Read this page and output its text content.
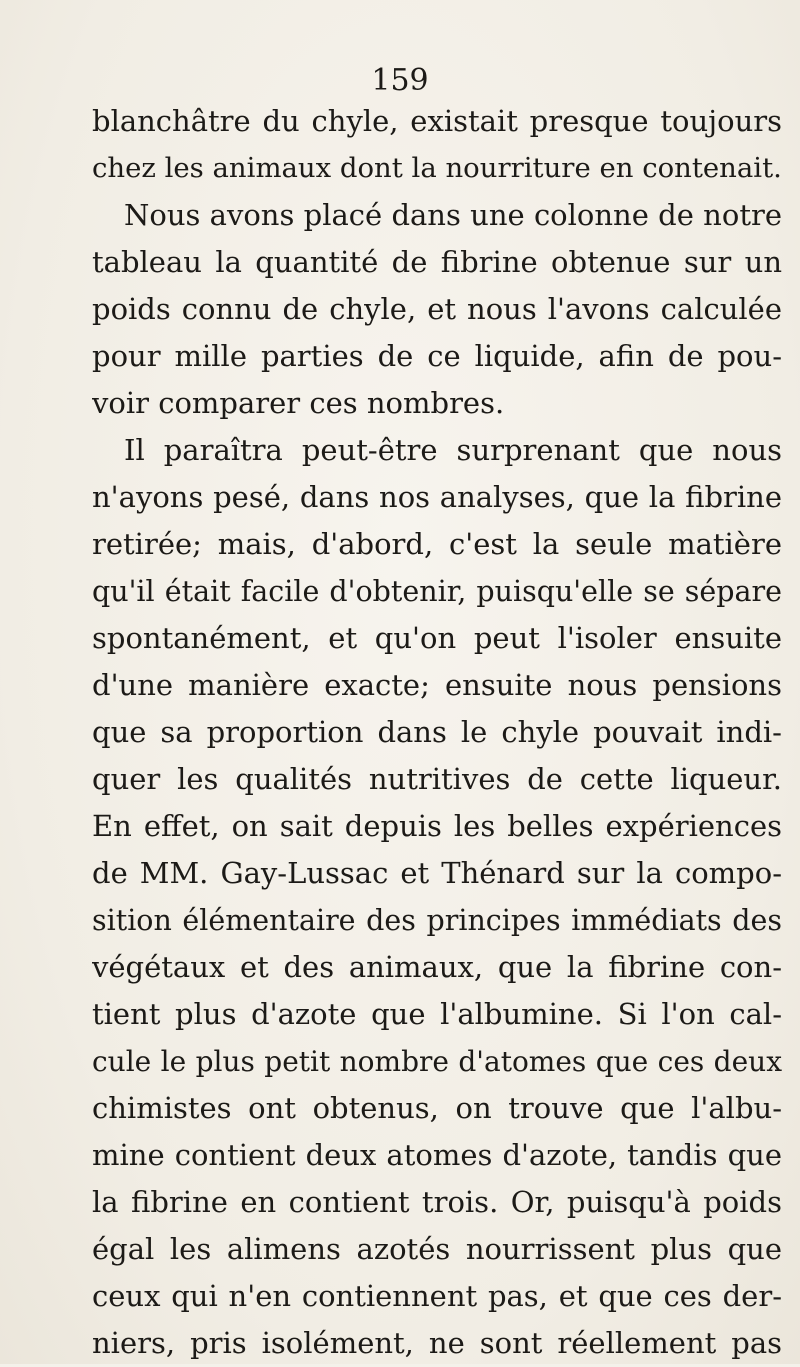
159
blanchâtre du chyle, existait presque toujours
chez les animaux dont la nourriture en contenait.
Nous avons placé dans une colonne de notre
tableau la quantité de fibrine obtenue sur un
poids connu de chyle, et nous l'avons calculée
pour mille parties de ce liquide, afin de pou-
voir comparer ces nombres.
Il paraîtra peut-être surprenant que nous
n'ayons pesé, dans nos analyses, que la fibrine
retirée; mais, d'abord, c'est la seule matière
qu'il était facile d'obtenir, puisqu'elle se sépare
spontanément, et qu'on peut l'isoler ensuite
d'une manière exacte; ensuite nous pensions
que sa proportion dans le chyle pouvait indi-
quer les qualités nutritives de cette liqueur.
En effet, on sait depuis les belles expériences
de MM. Gay-Lussac et Thénard sur la compo-
sition élémentaire des principes immédiats des
végétaux et des animaux, que la fibrine con-
tient plus d'azote que l'albumine. Si l'on cal-
cule le plus petit nombre d'atomes que ces deux
chimistes ont obtenus, on trouve que l'albu-
mine contient deux atomes d'azote, tandis que
la fibrine en contient trois. Or, puisqu'à poids
égal les alimens azotés nourrissent plus que
ceux qui n'en contiennent pas, et que ces der-
niers, pris isolément, ne sont réellement pas
